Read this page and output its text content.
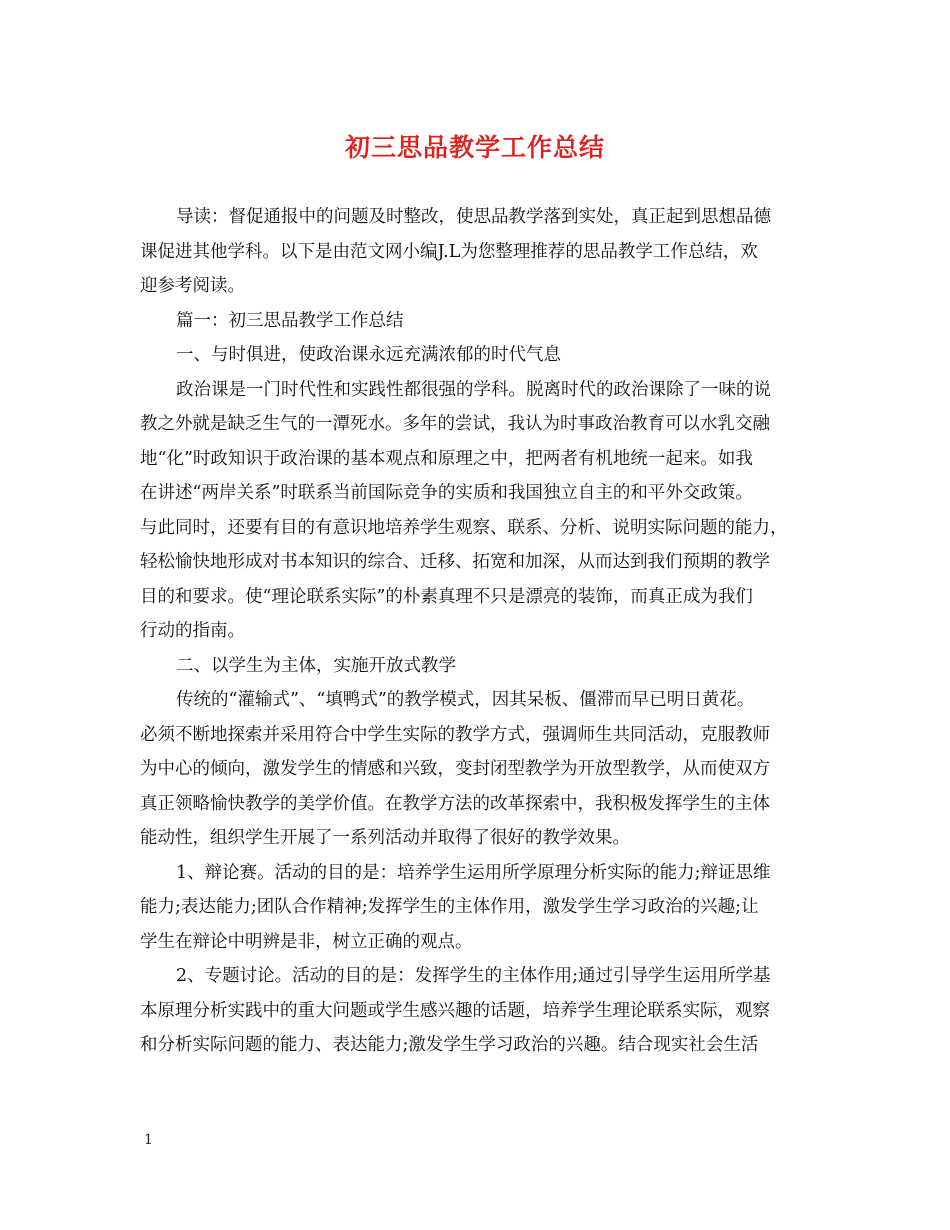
初三思品教学工作总结
导读：督促通报中的问题及时整改，使思品教学落到实处，真正起到思想品德
课促进其他学科。以下是由范文网小编J.L为您整理推荐的思品教学工作总结，欢
迎参考阅读。
篇一：初三思品教学工作总结
一、与时俱进，使政治课永远充满浓郁的时代气息
政治课是一门时代性和实践性都很强的学科。脱离时代的政治课除了一味的说
教之外就是缺乏生气的一潭死水。多年的尝试，我认为时事政治教育可以水乳交融
地“化”时政知识于政治课的基本观点和原理之中，把两者有机地统一起来。如我
在讲述“两岸关系”时联系当前国际竞争的实质和我国独立自主的和平外交政策。
与此同时，还要有目的有意识地培养学生观察、联系、分析、说明实际问题的能力，
轻松愉快地形成对书本知识的综合、迁移、拓宽和加深，从而达到我们预期的教学
目的和要求。使“理论联系实际”的朴素真理不只是漂亮的装饰，而真正成为我们
行动的指南。
二、以学生为主体，实施开放式教学
传统的“灌输式”、“填鸭式”的教学模式，因其呆板、僵滞而早已明日黄花。
必须不断地探索并采用符合中学生实际的教学方式，强调师生共同活动，克服教师
为中心的倾向，激发学生的情感和兴致，变封闭型教学为开放型教学，从而使双方
真正领略愉快教学的美学价值。在教学方法的改革探索中，我积极发挥学生的主体
能动性，组织学生开展了一系列活动并取得了很好的教学效果。
1、辩论赛。活动的目的是：培养学生运用所学原理分析实际的能力;辩证思维
能力;表达能力;团队合作精神;发挥学生的主体作用，激发学生学习政治的兴趣;让
学生在辩论中明辨是非，树立正确的观点。
2、专题讨论。活动的目的是：发挥学生的主体作用;通过引导学生运用所学基
本原理分析实践中的重大问题或学生感兴趣的话题，培养学生理论联系实际，观察
和分析实际问题的能力、表达能力;激发学生学习政治的兴趣。结合现实社会生活
1
